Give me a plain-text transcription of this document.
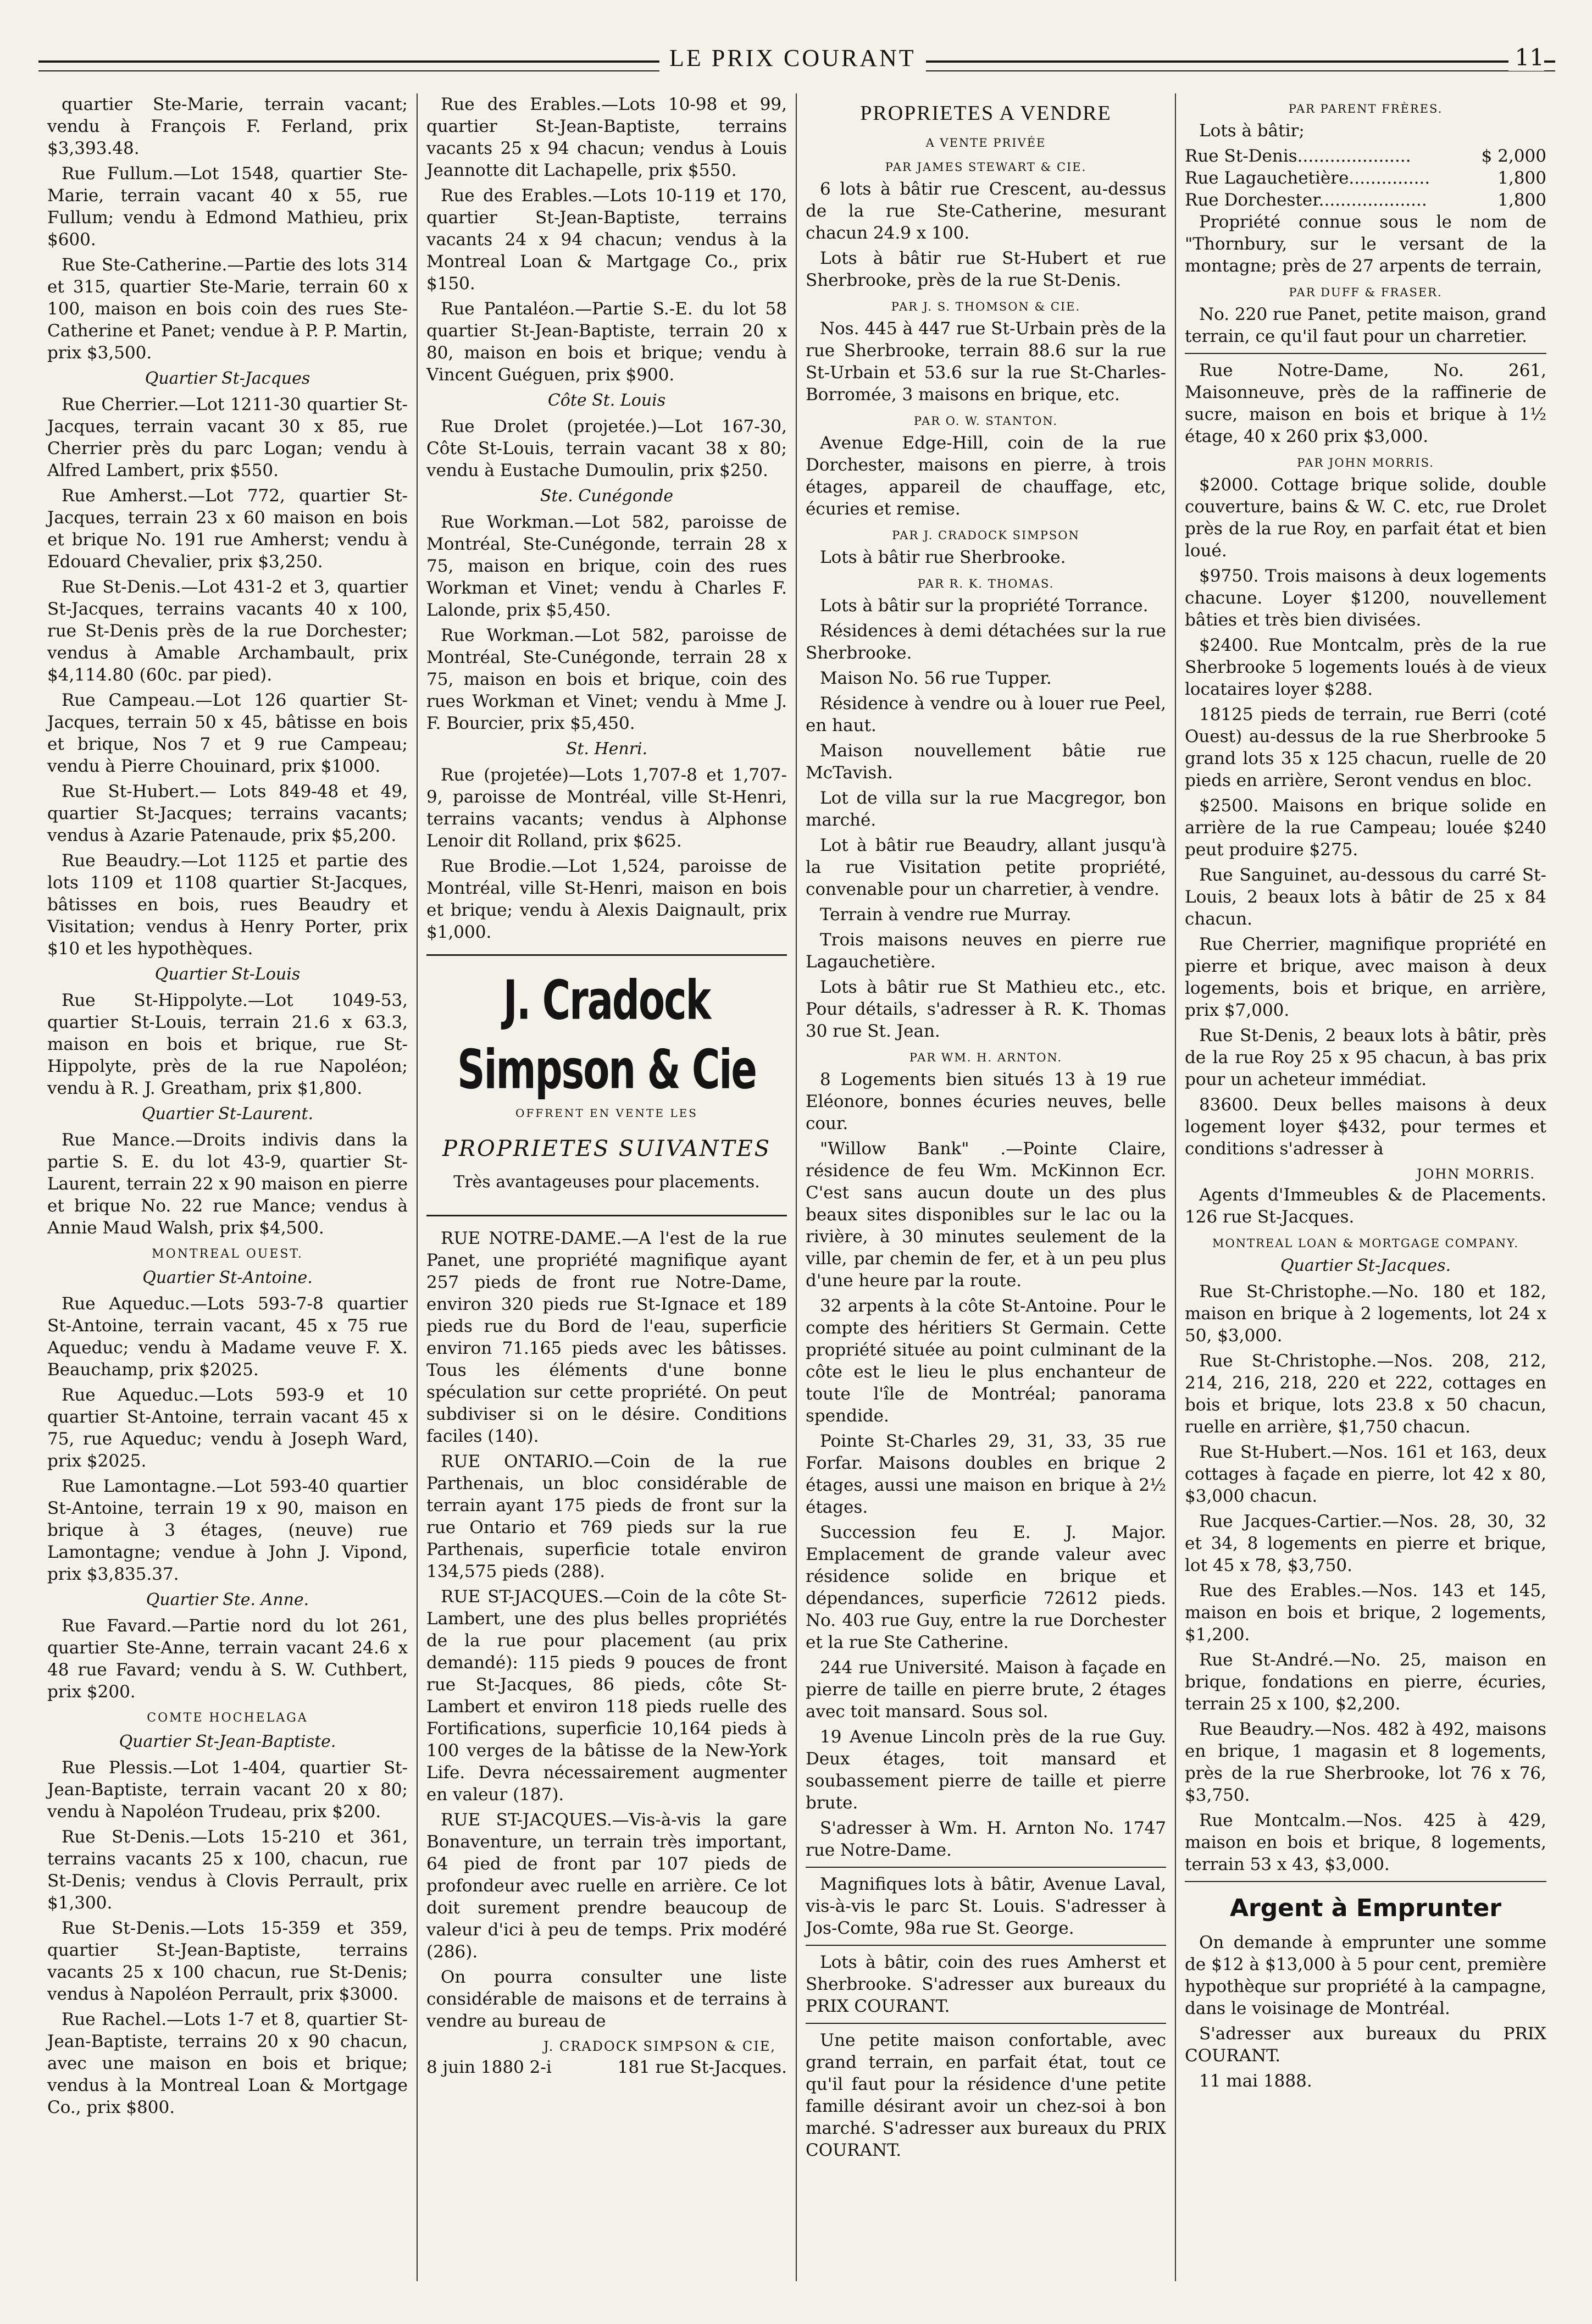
LE PRIX COURANT	11

quartier Ste-Marie, terrain vacant; vendu à François F. Ferland, prix $3,393.48.

Rue Fullum.—Lot 1548, quartier Ste-Marie, terrain vacant 40 x 55, rue Fullum; vendu à Edmond Mathieu, prix $600.

Rue Ste-Catherine.—Partie des lots 314 et 315, quartier Ste-Marie, terrain 60 x 100, maison en bois coin des rues Ste-Catherine et Panet; vendue à P. P. Martin, prix $3,500.

Quartier St-Jacques

Rue Cherrier.—Lot 1211-30 quartier St-Jacques, terrain vacant 30 x 85, rue Cherrier près du parc Logan; vendu à Alfred Lambert, prix $550.

Rue Amherst.—Lot 772, quartier St-Jacques, terrain 23 x 60 maison en bois et brique No. 191 rue Amherst; vendu à Edouard Chevalier, prix $3,250.

Rue St-Denis.—Lot 431-2 et 3, quartier St-Jacques, terrains vacants 40 x 100, rue St-Denis près de la rue Dorchester; vendus à Amable Archambault, prix $4,114.80 (60c. par pied).

Rue Campeau.—Lot 126 quartier St-Jacques, terrain 50 x 45, bâtisse en bois et brique, Nos 7 et 9 rue Campeau; vendu à Pierre Chouinard, prix $1000.

Rue St-Hubert.— Lots 849-48 et 49, quartier St-Jacques; terrains vacants; vendus à Azarie Patenaude, prix $5,200.

Rue Beaudry.—Lot 1125 et partie des lots 1109 et 1108 quartier St-Jacques, bâtisses en bois, rues Beaudry et Visitation; vendus à Henry Porter, prix $10 et les hypothèques.

Quartier St-Louis

Rue St-Hippolyte.—Lot 1049-53, quartier St-Louis, terrain 21.6 x 63.3, maison en bois et brique, rue St-Hippolyte, près de la rue Napoléon; vendu à R. J. Greatham, prix $1,800.

Quartier St-Laurent.

Rue Mance.—Droits indivis dans la partie S. E. du lot 43-9, quartier St-Laurent, terrain 22 x 90 maison en pierre et brique No. 22 rue Mance; vendus à Annie Maud Walsh, prix $4,500.

MONTREAL OUEST.
Quartier St-Antoine.

Rue Aqueduc.—Lots 593-7-8 quartier St-Antoine, terrain vacant, 45 x 75 rue Aqueduc; vendu à Madame veuve F. X. Beauchamp, prix $2025.

Rue Aqueduc.—Lots 593-9 et 10 quartier St-Antoine, terrain vacant 45 x 75, rue Aqueduc; vendu à Joseph Ward, prix $2025.

Rue Lamontagne.—Lot 593-40 quartier St-Antoine, terrain 19 x 90, maison en brique à 3 étages, (neuve) rue Lamontagne; vendue à John J. Vipond, prix $3,835.37.

Quartier Ste. Anne.

Rue Favard.—Partie nord du lot 261, quartier Ste-Anne, terrain vacant 24.6 x 48 rue Favard; vendu à S. W. Cuthbert, prix $200.

COMTE HOCHELAGA
Quartier St-Jean-Baptiste.

Rue Plessis.—Lot 1-404, quartier St-Jean-Baptiste, terrain vacant 20 x 80; vendu à Napoléon Trudeau, prix $200.

Rue St-Denis.—Lots 15-210 et 361, terrains vacants 25 x 100, chacun, rue St-Denis; vendus à Clovis Perrault, prix $1,300.

Rue St-Denis.—Lots 15-359 et 359, quartier St-Jean-Baptiste, terrains vacants 25 x 100 chacun, rue St-Denis; vendus à Napoléon Perrault, prix $3000.

Rue Rachel.—Lots 1-7 et 8, quartier St-Jean-Baptiste, terrains 20 x 90 chacun, avec une maison en bois et brique; vendus à la Montreal Loan & Mortgage Co., prix $800.

Rue des Erables.—Lots 10-98 et 99, quartier St-Jean-Baptiste, terrains vacants 25 x 94 chacun; vendus à Louis Jeannotte dit Lachapelle, prix $550.

Rue des Erables.—Lots 10-119 et 170, quartier St-Jean-Baptiste, terrains vacants 24 x 94 chacun; vendus à la Montreal Loan & Martgage Co., prix $150.

Rue Pantaléon.—Partie S.-E. du lot 58 quartier St-Jean-Baptiste, terrain 20 x 80, maison en bois et brique; vendu à Vincent Guéguen, prix $900.

Côte St. Louis

Rue Drolet (projetée.)—Lot 167-30, Côte St-Louis, terrain vacant 38 x 80; vendu à Eustache Dumoulin, prix $250.

Ste. Cunégonde

Rue Workman.—Lot 582, paroisse de Montréal, Ste-Cunégonde, terrain 28 x 75, maison en brique, coin des rues Workman et Vinet; vendu à Charles F. Lalonde, prix $5,450.

Rue Workman.—Lot 582, paroisse de Montréal, Ste-Cunégonde, terrain 28 x 75, maison en bois et brique, coin des rues Workman et Vinet; vendu à Mme J. F. Bourcier, prix $5,450.

St. Henri.

Rue (projetée)—Lots 1,707-8 et 1,707-9, paroisse de Montréal, ville St-Henri, terrains vacants; vendus à Alphonse Lenoir dit Rolland, prix $625.

Rue Brodie.—Lot 1,524, paroisse de Montréal, ville St-Henri, maison en bois et brique; vendu à Alexis Daignault, prix $1,000.

J. Cradock Simpson & Cie
OFFRENT EN VENTE LES
PROPRIETES SUIVANTES
Très avantageuses pour placements.

RUE NOTRE-DAME.—A l'est de la rue Panet, une propriété magnifique ayant 257 pieds de front rue Notre-Dame, environ 320 pieds rue St-Ignace et 189 pieds rue du Bord de l'eau, superficie environ 71.165 pieds avec les bâtisses. Tous les éléments d'une bonne spéculation sur cette propriété. On peut subdiviser si on le désire. Conditions faciles (140).

RUE ONTARIO.—Coin de la rue Parthenais, un bloc considérable de terrain ayant 175 pieds de front sur la rue Ontario et 769 pieds sur la rue Parthenais, superficie totale environ 134,575 pieds (288).

RUE ST-JACQUES.—Coin de la côte St-Lambert, une des plus belles propriétés de la rue pour placement (au prix demandé): 115 pieds 9 pouces de front rue St-Jacques, 86 pieds, côte St-Lambert et environ 118 pieds ruelle des Fortifications, superficie 10,164 pieds à 100 verges de la bâtisse de la New-York Life. Devra nécessairement augmenter en valeur (187).

RUE ST-JACQUES.—Vis-à-vis la gare Bonaventure, un terrain très important, 64 pied de front par 107 pieds de profondeur avec ruelle en arrière. Ce lot doit surement prendre beaucoup de valeur d'ici à peu de temps. Prix modéré (286).

On pourra consulter une liste considérable de maisons et de terrains à vendre au bureau de

J. CRADOCK SIMPSON & CIE,
8 juin 1880 2-i	181 rue St-Jacques.
PROPRIETES A VENDRE
A VENTE PRIVÉE
PAR JAMES STEWART & CIE.

6 lots à bâtir rue Crescent, au-dessus de la rue Ste-Catherine, mesurant chacun 24.9 x 100.

Lots à bâtir rue St-Hubert et rue Sherbrooke, près de la rue St-Denis.

PAR J. S. THOMSON & CIE.

Nos. 445 à 447 rue St-Urbain près de la rue Sherbrooke, terrain 88.6 sur la rue St-Urbain et 53.6 sur la rue St-Charles-Borromée, 3 maisons en brique, etc.

PAR O. W. STANTON.

Avenue Edge-Hill, coin de la rue Dorchester, maisons en pierre, à trois étages, appareil de chauffage, etc, écuries et remise.

PAR J. CRADOCK SIMPSON

Lots à bâtir rue Sherbrooke.

PAR R. K. THOMAS.

Lots à bâtir sur la propriété Torrance.

Résidences à demi détachées sur la rue Sherbrooke.

Maison No. 56 rue Tupper.

Résidence à vendre ou à louer rue Peel, en haut.

Maison nouvellement bâtie rue McTavish.

Lot de villa sur la rue Macgregor, bon marché.

Lot à bâtir rue Beaudry, allant jusqu'à la rue Visitation petite propriété, convenable pour un charretier, à vendre.

Terrain à vendre rue Murray.

Trois maisons neuves en pierre rue Lagauchetière.

Lots à bâtir rue St Mathieu etc., etc. Pour détails, s'adresser à R. K. Thomas 30 rue St. Jean.

PAR WM. H. ARNTON.

8 Logements bien situés 13 à 19 rue Eléonore, bonnes écuries neuves, belle cour.

"Willow Bank" .—Pointe Claire, résidence de feu Wm. McKinnon Ecr. C'est sans aucun doute un des plus beaux sites disponibles sur le lac ou la rivière, à 30 minutes seulement de la ville, par chemin de fer, et à un peu plus d'une heure par la route.

32 arpents à la côte St-Antoine. Pour le compte des héritiers St Germain. Cette propriété située au point culminant de la côte est le lieu le plus enchanteur de toute l'île de Montréal; panorama spendide.

Pointe St-Charles 29, 31, 33, 35 rue Forfar. Maisons doubles en brique 2 étages, aussi une maison en brique à 2½ étages.

Succession feu E. J. Major. Emplacement de grande valeur avec résidence solide en brique et dépendances, superficie 72612 pieds. No. 403 rue Guy, entre la rue Dorchester et la rue Ste Catherine.

244 rue Université. Maison à façade en pierre de taille en pierre brute, 2 étages avec toit mansard. Sous sol.

19 Avenue Lincoln près de la rue Guy. Deux étages, toit mansard et soubassement pierre de taille et pierre brute.

S'adresser à Wm. H. Arnton No. 1747 rue Notre-Dame.

Magnifiques lots à bâtir, Avenue Laval, vis-à-vis le parc St. Louis. S'adresser à Jos-Comte, 98a rue St. George.

Lots à bâtir, coin des rues Amherst et Sherbrooke. S'adresser aux bureaux du PRIX COURANT.

Une petite maison confortable, avec grand terrain, en parfait état, tout ce qu'il faut pour la résidence d'une petite famille désirant avoir un chez-soi à bon marché. S'adresser aux bureaux du PRIX COURANT.

PAR PARENT FRÈRES.

Lots à bâtir;

Rue St-Denis.....................	$ 2,000
Rue Lagauchetière...............	1,800
Rue Dorchester....................	1,800

Propriété connue sous le nom de "Thornbury, sur le versant de la montagne; près de 27 arpents de terrain,

PAR DUFF & FRASER.

No. 220 rue Panet, petite maison, grand terrain, ce qu'il faut pour un charretier.

Rue Notre-Dame, No. 261, Maisonneuve, près de la raffinerie de sucre, maison en bois et brique à 1½ étage, 40 x 260 prix $3,000.

PAR JOHN MORRIS.

$2000. Cottage brique solide, double couverture, bains & W. C. etc, rue Drolet près de la rue Roy, en parfait état et bien loué.

$9750. Trois maisons à deux logements chacune. Loyer $1200, nouvellement bâties et très bien divisées.

$2400. Rue Montcalm, près de la rue Sherbrooke 5 logements loués à de vieux locataires loyer $288.

18125 pieds de terrain, rue Berri (coté Ouest) au-dessus de la rue Sherbrooke 5 grand lots 35 x 125 chacun, ruelle de 20 pieds en arrière, Seront vendus en bloc.

$2500. Maisons en brique solide en arrière de la rue Campeau; louée $240 peut produire $275.

Rue Sanguinet, au-dessous du carré St-Louis, 2 beaux lots à bâtir de 25 x 84 chacun.

Rue Cherrier, magnifique propriété en pierre et brique, avec maison à deux logements, bois et brique, en arrière, prix $7,000.

Rue St-Denis, 2 beaux lots à bâtir, près de la rue Roy 25 x 95 chacun, à bas prix pour un acheteur immédiat.

83600. Deux belles maisons à deux logement loyer $432, pour termes et conditions s'adresser à

JOHN MORRIS.

Agents d'Immeubles & de Placements. 126 rue St-Jacques.

MONTREAL LOAN & MORTGAGE COMPANY.
Quartier St-Jacques.

Rue St-Christophe.—No. 180 et 182, maison en brique à 2 logements, lot 24 x 50, $3,000.

Rue St-Christophe.—Nos. 208, 212, 214, 216, 218, 220 et 222, cottages en bois et brique, lots 23.8 x 50 chacun, ruelle en arrière, $1,750 chacun.

Rue St-Hubert.—Nos. 161 et 163, deux cottages à façade en pierre, lot 42 x 80, $3,000 chacun.

Rue Jacques-Cartier.—Nos. 28, 30, 32 et 34, 8 logements en pierre et brique, lot 45 x 78, $3,750.

Rue des Erables.—Nos. 143 et 145, maison en bois et brique, 2 logements, $1,200.

Rue St-André.—No. 25, maison en brique, fondations en pierre, écuries, terrain 25 x 100, $2,200.

Rue Beaudry.—Nos. 482 à 492, maisons en brique, 1 magasin et 8 logements, près de la rue Sherbrooke, lot 76 x 76, $3,750.

Rue Montcalm.—Nos. 425 à 429, maison en bois et brique, 8 logements, terrain 53 x 43, $3,000.

Argent à Emprunter

On demande à emprunter une somme de $12 à $13,000 à 5 pour cent, première hypothèque sur propriété à la campagne, dans le voisinage de Montréal.

S'adresser aux bureaux du PRIX COURANT.

11 mai 1888.
